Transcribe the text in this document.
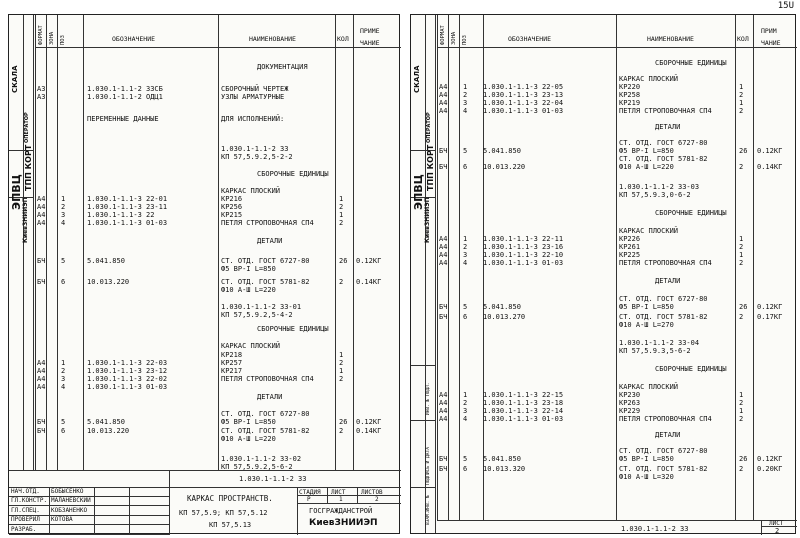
15U
ФОРМАТ ЗОНА ПОЗ	ОБОЗНАЧЕНИЕ	НАИМЕНОВАНИЕ	КОЛ
ПРИМЕ
ЧАНИЕ
ДОКУМЕНТАЦИЯ
А3	1.030.1-1.1-2 33СБ	СБОРОЧНЫЙ ЧЕРТЕЖ
А3	1.030.1-1.1-2 ОДЦ1	УЗЛЫ АРМАТУРНЫЕ
ПЕРЕМЕННЫЕ ДАННЫЕ	ДЛЯ ИСПОЛНЕНИЙ:
1.030.1-1.1-2 33
КП 57,5.9.2,5-2-2
СБОРОЧНЫЕ ЕДИНИЦЫ
КАРКАС ПЛОСКИЙ
А4 1	1.030.1-1.1-3 22-01	КР216	1
А4 2	1.030.1-1.1-3 23-11	КР256	2
А4 3	1.030.1-1.1-3 22	КР215	1
А4 4	1.030.1-1.1-3 01-03	ПЕТЛЯ СТРОПОВОЧНАЯ СП4	2
ДЕТАЛИ
БЧ 5	5.041.850	СТ. ОТД. ГОСТ 6727-80	26 0.12КГ
Ф5 ВР-I L=850
БЧ 6	10.013.220	СТ. ОТД. ГОСТ 5781-82	2 0.14КГ
Ф10 А-Ш L=220
1.030.1-1.1-2 33-01
КП 57,5.9.2,5-4-2
СБОРОЧНЫЕ ЕДИНИЦЫ
КАРКАС ПЛОСКИЙ
КР218	1
А4 1	1.030.1-1.1-3 22-03	КР257	2
А4 2	1.030.1-1.1-3 23-12	КР217	1
А4 3	1.030.1-1.1-3 22-02	ПЕТЛЯ СТРОПОВОЧНАЯ СП4	2
А4 4	1.030.1-1.1-3 01-03
ДЕТАЛИ
СТ. ОТД. ГОСТ 6727-80
БЧ 5	5.041.850	Ф5 ВР-I L=850	26 0.12КГ
БЧ 6	10.013.220	СТ. ОТД. ГОСТ 5781-82	2 0.14КГ
Ф10 А-Ш L=220
1.030.1-1.1-2 33-02
КП 57,5.9.2,5-6-2
СКАЛА
ОПЕРАТОР
ТПП КОРТ
ЭПВЦ
КиевЗНИИЭП
1.030.1-1.1-2 33
НАЧ.ОТД. БОБЫСЕНКО
ГЛ.КОНСТР. МАЛАНЕВСКИЙ
ГЛ.СПЕЦ. КОБЗАНЕНКО
ПРОВЕРИЛ КОТОВА
РАЗРАБ.
КАРКАС ПРОСТРАНСТВ.
КП 57,5.9; КП 57,5.12
КП 57,5.13
СТАДИЯ ЛИСТ	ЛИСТОВ
Р	1	2
ГОСГРАЖДАНСТРОЙ
КиевЗНИИЭП
ФОРМАТ ЗОНА ПОЗ	ОБОЗНАЧЕНИЕ	НАИМЕНОВАНИЕ	КОЛ
ПРИМ
ЧАНИЕ
СБОРОЧНЫЕ ЕДИНИЦЫ
КАРКАС ПЛОСКИЙ
А4 1 1.030.1-1.1-3 22-05	КР220	1
А4 2 1.030.1-1.1-3 23-13	КР258	2
А4 3 1.030.1-1.1-3 22-04	КР219	1
А4 4 1.030.1-1.1-3 01-03	ПЕТЛЯ СТРОПОВОЧНАЯ СП4	2
ДЕТАЛИ
СТ. ОТД. ГОСТ 6727-80
БЧ 5 5.041.850	Ф5 ВР-I L=850	26 0.12КГ
СТ. ОТД. ГОСТ 5781-82
БЧ 6 10.013.220	Ф10 А-Ш L=220	2 0.14КГ
1.030.1-1.1-2 33-03
КП 57,5.9.3,0-6-2
СБОРОЧНЫЕ ЕДИНИЦЫ
КАРКАС ПЛОСКИЙ
А4 1 1.030.1-1.1-3 22-11	КР226	1
А4 2 1.030.1-1.1-3 23-16	КР261	2
А4 3 1.030.1-1.1-3 22-10	КР225	1
А4 4 1.030.1-1.1-3 01-03	ПЕТЛЯ СТРОПОВОЧНАЯ СП4	2
ДЕТАЛИ
СТ. ОТД. ГОСТ 6727-80
БЧ 5 5.041.850	Ф5 ВР-I L=850	26 0.12КГ
БЧ 6 10.013.270	СТ. ОТД. ГОСТ 5781-82	2 0.17КГ
Ф10 А-Ш L=270
1.030.1-1.1-2 33-04
КП 57,5.9.3,5-6-2
СБОРОЧНЫЕ ЕДИНИЦЫ
КАРКАС ПЛОСКИЙ
А4 1 1.030.1-1.1-3 22-15	КР230	1
А4 2 1.030.1-1.1-3 23-18	КР263	2
А4 3 1.030.1-1.1-3 22-14	КР229	1
А4 4 1.030.1-1.1-3 01-03	ПЕТЛЯ СТРОПОВОЧНАЯ СП4	2
ДЕТАЛИ
СТ. ОТД. ГОСТ 6727-80
БЧ 5 5.041.850	Ф5 ВР-I L=850	26 0.12КГ
БЧ 6 10.013.320	СТ. ОТД. ГОСТ 5781-82	2 0.20КГ
Ф10 А-Ш L=320
СКАЛА
ОПЕРАТОР
ТПП КОРТ
ЭПВЦ
КиевЗНИИЭП
1.030.1-1.1-2 33
ЛИСТ
2
ИНВ. № ПОДЛ.
ПОДПИСЬ И ДАТА
ВЗАМ.ИНВ. №
